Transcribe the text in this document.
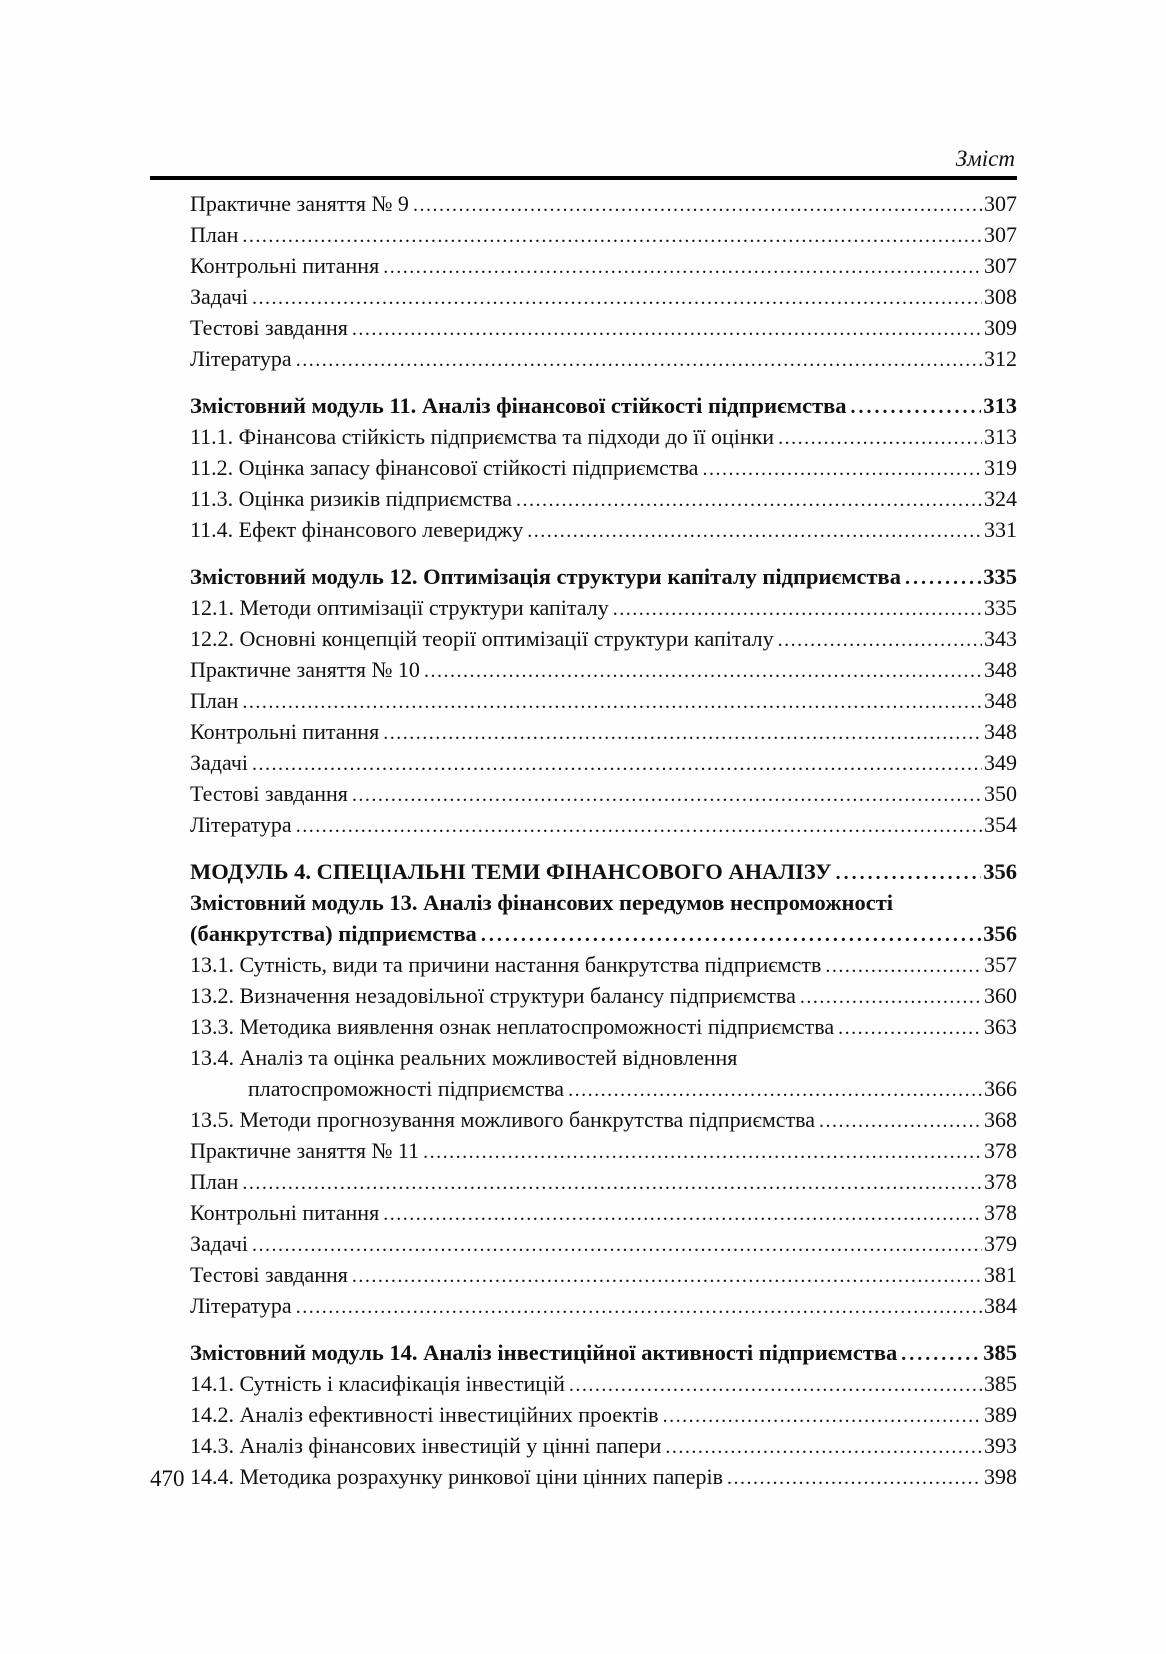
Зміст
Практичне заняття № 9 .....	307
План .....	307
Контрольні питання .....	307
Задачі .....	308
Тестові завдання .....	309
Література .....	312
Змістовний модуль 11. Аналіз фінансової стійкості підприємства .....	313
11.1. Фінансова стійкість підприємства та підходи до її оцінки .....	313
11.2. Оцінка запасу фінансової стійкості підприємства .....	319
11.3. Оцінка ризиків підприємства .....	324
11.4. Ефект фінансового левериджу .....	331
Змістовний модуль 12. Оптимізація структури капіталу підприємства .....	335
12.1. Методи оптимізації структури капіталу .....	335
12.2. Основні концепцій теорії оптимізації структури капіталу .....	343
Практичне заняття № 10 .....	348
План .....	348
Контрольні питання .....	348
Задачі .....	349
Тестові завдання .....	350
Література .....	354
МОДУЛЬ 4. СПЕЦІАЛЬНІ ТЕМИ ФІНАНСОВОГО АНАЛІЗУ .....	356
Змістовний модуль 13. Аналіз фінансових передумов неспроможності
(банкрутства) підприємства .....	356
13.1. Сутність, види та причини настання банкрутства підприємств .....	357
13.2. Визначення незадовільної структури балансу підприємства .....	360
13.3. Методика виявлення ознак неплатоспроможності підприємства .....	363
13.4. Аналіз та оцінка реальних можливостей відновлення
платоспроможності підприємства .....	366
13.5. Методи прогнозування можливого банкрутства підприємства .....	368
Практичне заняття № 11 .....	378
План .....	378
Контрольні питання .....	378
Задачі .....	379
Тестові завдання .....	381
Література .....	384
Змістовний модуль 14. Аналіз інвестиційної активності підприємства .....	385
14.1. Сутність і класифікація інвестицій .....	385
14.2. Аналіз ефективності інвестиційних проектів .....	389
14.3. Аналіз фінансових інвестицій у цінні папери .....	393
14.4. Методика розрахунку ринкової ціни цінних паперів .....	398
470
